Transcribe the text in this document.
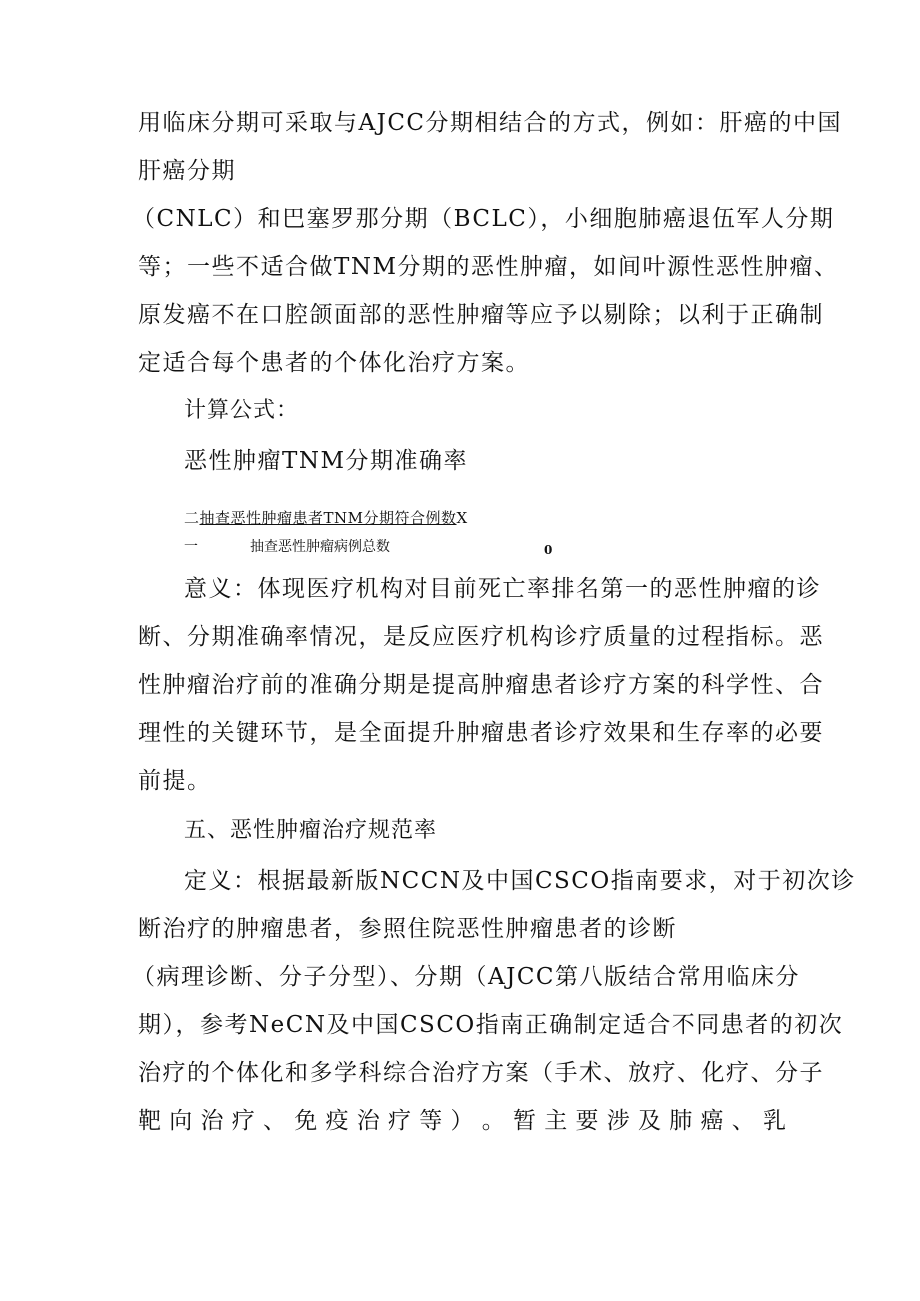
用临床分期可采取与AJCC分期相结合的方式，例如：肝癌的中国
肝癌分期
（CNLC）和巴塞罗那分期（BCLC），小细胞肺癌退伍军人分期
等；一些不适合做TNM分期的恶性肿瘤，如间叶源性恶性肿瘤、
原发癌不在口腔颌面部的恶性肿瘤等应予以剔除；以利于正确制
定适合每个患者的个体化治疗方案。
计算公式：
恶性肿瘤TNM分期准确率
二抽查恶性肿瘤患者TNM分期符合例数X
一	抽查恶性肿瘤病例总数	0
意义：体现医疗机构对目前死亡率排名第一的恶性肿瘤的诊
断、分期准确率情况，是反应医疗机构诊疗质量的过程指标。恶
性肿瘤治疗前的准确分期是提高肿瘤患者诊疗方案的科学性、合
理性的关键环节，是全面提升肿瘤患者诊疗效果和生存率的必要
前提。
五、恶性肿瘤治疗规范率
定义：根据最新版NCCN及中国CSCO指南要求，对于初次诊
断治疗的肿瘤患者，参照住院恶性肿瘤患者的诊断
（病理诊断、分子分型）、分期（AJCC第八版结合常用临床分
期），参考NeCN及中国CSCO指南正确制定适合不同患者的初次
治疗的个体化和多学科综合治疗方案（手术、放疗、化疗、分子
靶 向 治 疗 、 免 疫 治 疗 等 ） 。 暂 主 要 涉 及 肺 癌 、 乳
